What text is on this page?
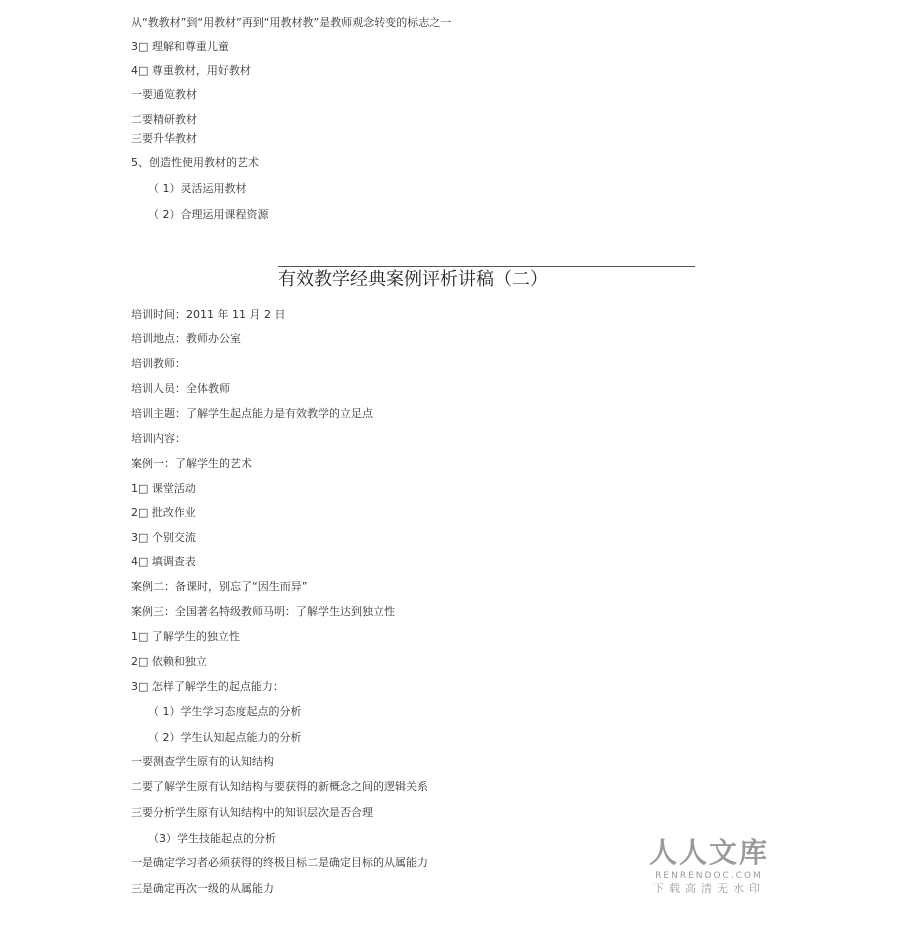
从“教教材”到“用教材”再到“用教材教”是教师观念转变的标志之一
3□ 理解和尊重儿童
4□ 尊重教材，用好教材
一要通览教材
二要精研教材
三要升华教材
5、创造性使用教材的艺术
（ 1）灵活运用教材
（ 2）合理运用课程资源
有效教学经典案例评析讲稿（二）
培训时间：2011 年 11 月 2 日
培训地点：教师办公室
培训教师：
培训人员：全体教师
培训主题：了解学生起点能力是有效教学的立足点
培训内容：
案例一：了解学生的艺术
1□ 课堂活动
2□ 批改作业
3□ 个别交流
4□ 填调查表
案例二：备课时，别忘了“因生而异”
案例三：全国著名特级教师马明：了解学生达到独立性
1□ 了解学生的独立性
2□ 依赖和独立
3□ 怎样了解学生的起点能力：
（ 1）学生学习态度起点的分析
（ 2）学生认知起点能力的分析
一要测查学生原有的认知结构
二要了解学生原有认知结构与要获得的新概念之间的逻辑关系
三要分析学生原有认知结构中的知识层次是否合理
（3）学生技能起点的分析
一是确定学习者必须获得的终极目标二是确定目标的从属能力
三是确定再次一级的从属能力
人人文库
RENRENDOC.COM
下载高清无水印
